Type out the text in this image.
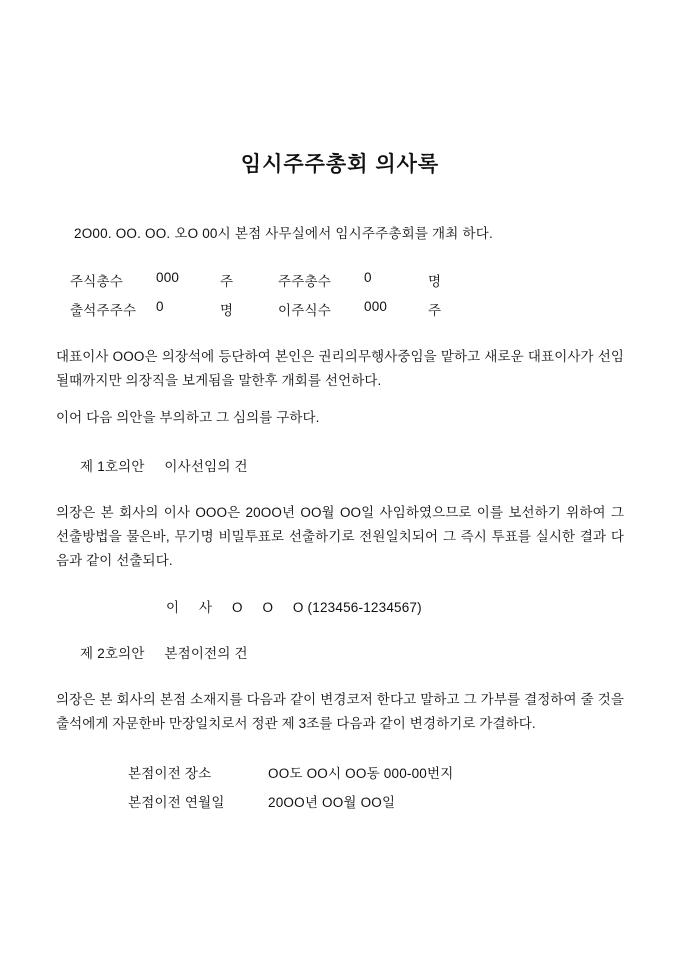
임시주주총회 의사록

2O00. OO. OO. 오O 00시 본점 사무실에서 임시주주총회를 개최 하다.

주식총수	000	주	주주총수	0	명
출석주주수	0	명	이주식수	000	주

대표이사 OOO은 의장석에 등단하여 본인은 권리의무행사중임을 맡하고 새로운 대표이사가 선임될때까지만 의장직을 보게됨을 말한후 개회를 선언하다.

이어 다음 의안을 부의하고 그 심의를 구하다.

제 1호의안 이사선임의 건

의장은 본 회사의 이사 OOO은 20OO년 OO월 OO일 사임하였으므로 이를 보선하기 위하여 그 선출방법을 물은바, 무기명 비밀투표로 선출하기로 전원일치되어 그 즉시 투표를 실시한 결과 다음과 같이 선출되다.

이     사     O     O     O (123456-1234567)
제 2호의안 본점이전의 건

의장은 본 회사의 본점 소재지를 다음과 같이 변경코저 한다고 말하고 그 가부를 결정하여 줄 것을 출석에게 자문한바 만장일치로서 정관 제 3조를 다음과 같이 변경하기로 가결하다.

본점이전 장소	OO도 OO시 OO동 000-00번지
본점이전 연월일	20OO년 OO월 OO일
